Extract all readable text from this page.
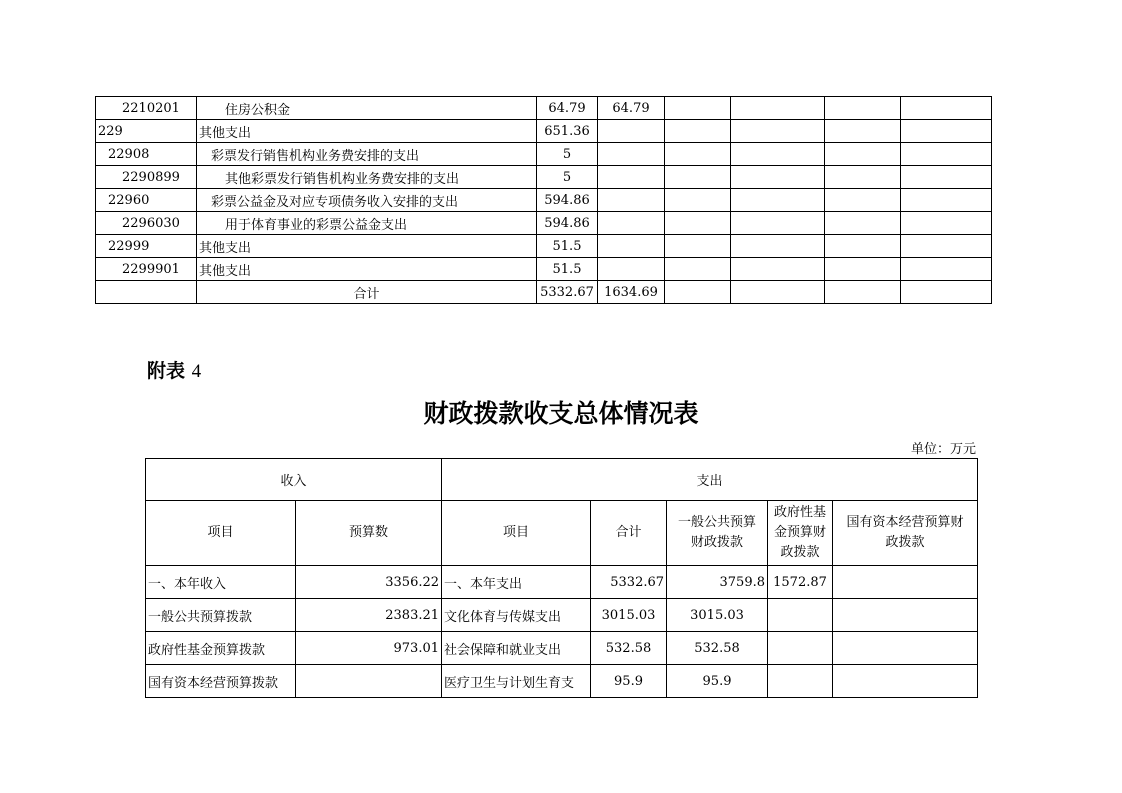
2210201	住房公积金	64.79	64.79				
229	其他支出	651.36					
22908	彩票发行销售机构业务费安排的支出	5					
2290899	其他彩票发行销售机构业务费安排的支出	5					
22960	彩票公益金及对应专项债务收入安排的支出	594.86					
2296030	用于体育事业的彩票公益金支出	594.86					
22999	其他支出	51.5					
2299901	其他支出	51.5					
	合计	5332.67	1634.69				
附表 4
财政拨款收支总体情况表
单位：万元
收入		支出				
项目	预算数	项目	合计	一般公共预算财政拨款	政府性基金预算财政拨款	国有资本经营预算财政拨款
一、本年收入	3356.22	一、本年支出	5332.67	3759.8	1572.87	
一般公共预算拨款	2383.21	文化体育与传媒支出	3015.03	3015.03		
政府性基金预算拨款	973.01	社会保障和就业支出	532.58	532.58		
国有资本经营预算拨款		医疗卫生与计划生育支	95.9	95.9		
